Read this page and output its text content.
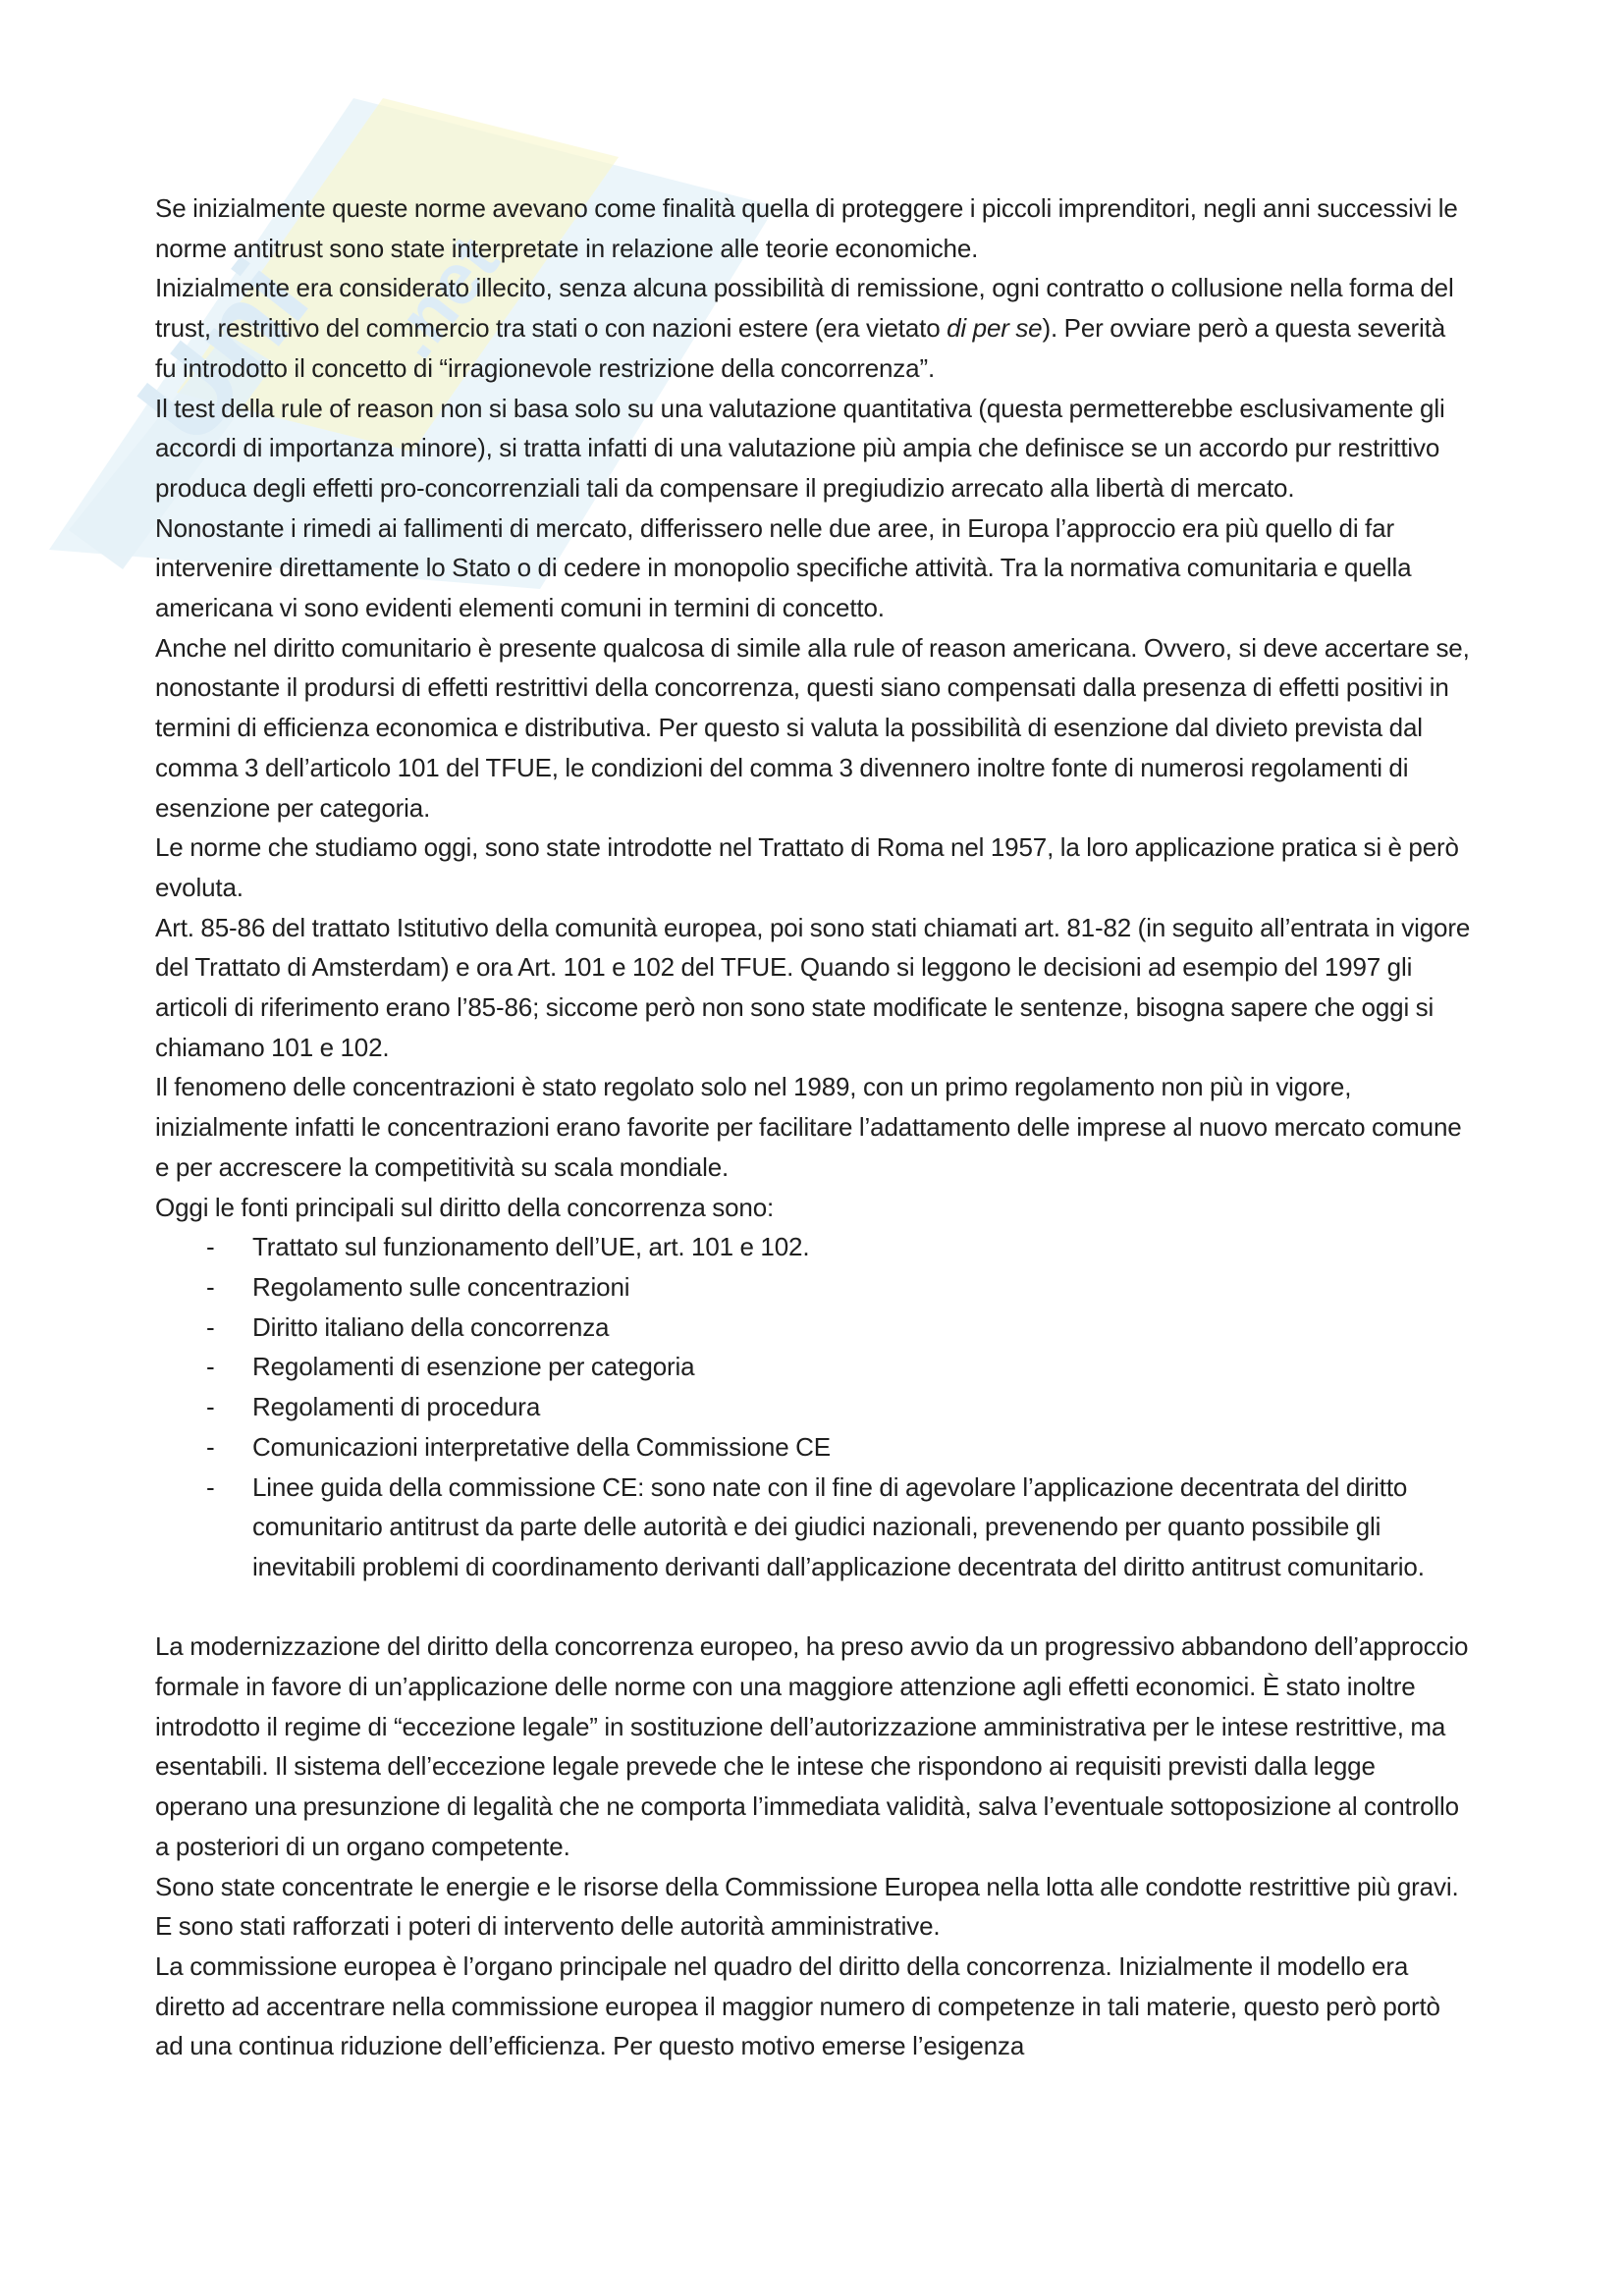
Uni .net

Se inizialmente queste norme avevano come finalità quella di proteggere i piccoli imprenditori, negli anni successivi le norme antitrust sono state interpretate in relazione alle teorie economiche.

Inizialmente era considerato illecito, senza alcuna possibilità di remissione, ogni contratto o collusione nella forma del trust, restrittivo del commercio tra stati o con nazioni estere (era vietato di per se). Per ovviare però a questa severità fu introdotto il concetto di “irragionevole restrizione della concorrenza”.

Il test della rule of reason non si basa solo su una valutazione quantitativa (questa permetterebbe esclusivamente gli accordi di importanza minore), si tratta infatti di una valutazione più ampia che definisce se un accordo pur restrittivo produca degli effetti pro-concorrenziali tali da compensare il pregiudizio arrecato alla libertà di mercato.

Nonostante i rimedi ai fallimenti di mercato, differissero nelle due aree, in Europa l’approccio era più quello di far intervenire direttamente lo Stato o di cedere in monopolio specifiche attività. Tra la normativa comunitaria e quella americana vi sono evidenti elementi comuni in termini di concetto.

Anche nel diritto comunitario è presente qualcosa di simile alla rule of reason americana. Ovvero, si deve accertare se, nonostante il prodursi di effetti restrittivi della concorrenza, questi siano compensati dalla presenza di effetti positivi in termini di efficienza economica e distributiva. Per questo si valuta la possibilità di esenzione dal divieto prevista dal comma 3 dell’articolo 101 del TFUE, le condizioni del comma 3 divennero inoltre fonte di numerosi regolamenti di esenzione per categoria.

Le norme che studiamo oggi, sono state introdotte nel Trattato di Roma nel 1957, la loro applicazione pratica si è però evoluta.

Art. 85-86 del trattato Istitutivo della comunità europea, poi sono stati chiamati art. 81-82 (in seguito all’entrata in vigore del Trattato di Amsterdam) e ora Art. 101 e 102 del TFUE. Quando si leggono le decisioni ad esempio del 1997 gli articoli di riferimento erano l’85-86; siccome però non sono state modificate le sentenze, bisogna sapere che oggi si chiamano 101 e 102.

Il fenomeno delle concentrazioni è stato regolato solo nel 1989, con un primo regolamento non più in vigore, inizialmente infatti le concentrazioni erano favorite per facilitare l’adattamento delle imprese al nuovo mercato comune e per accrescere la competitività su scala mondiale.

Oggi le fonti principali sul diritto della concorrenza sono:

- Trattato sul funzionamento dell’UE, art. 101 e 102.

- Regolamento sulle concentrazioni

- Diritto italiano della concorrenza

- Regolamenti di esenzione per categoria

- Regolamenti di procedura

- Comunicazioni interpretative della Commissione CE

- Linee guida della commissione CE: sono nate con il fine di agevolare l’applicazione decentrata del diritto comunitario antitrust da parte delle autorità e dei giudici nazionali, prevenendo per quanto possibile gli inevitabili problemi di coordinamento derivanti dall’applicazione decentrata del diritto antitrust comunitario.

La modernizzazione del diritto della concorrenza europeo, ha preso avvio da un progressivo abbandono dell’approccio formale in favore di un’applicazione delle norme con una maggiore attenzione agli effetti economici. È stato inoltre introdotto il regime di “eccezione legale” in sostituzione dell’autorizzazione amministrativa per le intese restrittive, ma esentabili. Il sistema dell’eccezione legale prevede che le intese che rispondono ai requisiti previsti dalla legge operano una presunzione di legalità che ne comporta l’immediata validità, salva l’eventuale sottoposizione al controllo a posteriori di un organo competente.

Sono state concentrate le energie e le risorse della Commissione Europea nella lotta alle condotte restrittive più gravi. E sono stati rafforzati i poteri di intervento delle autorità amministrative.

La commissione europea è l’organo principale nel quadro del diritto della concorrenza. Inizialmente il modello era diretto ad accentrare nella commissione europea il maggior numero di competenze in tali materie, questo però portò ad una continua riduzione dell’efficienza. Per questo motivo emerse l’esigenza
